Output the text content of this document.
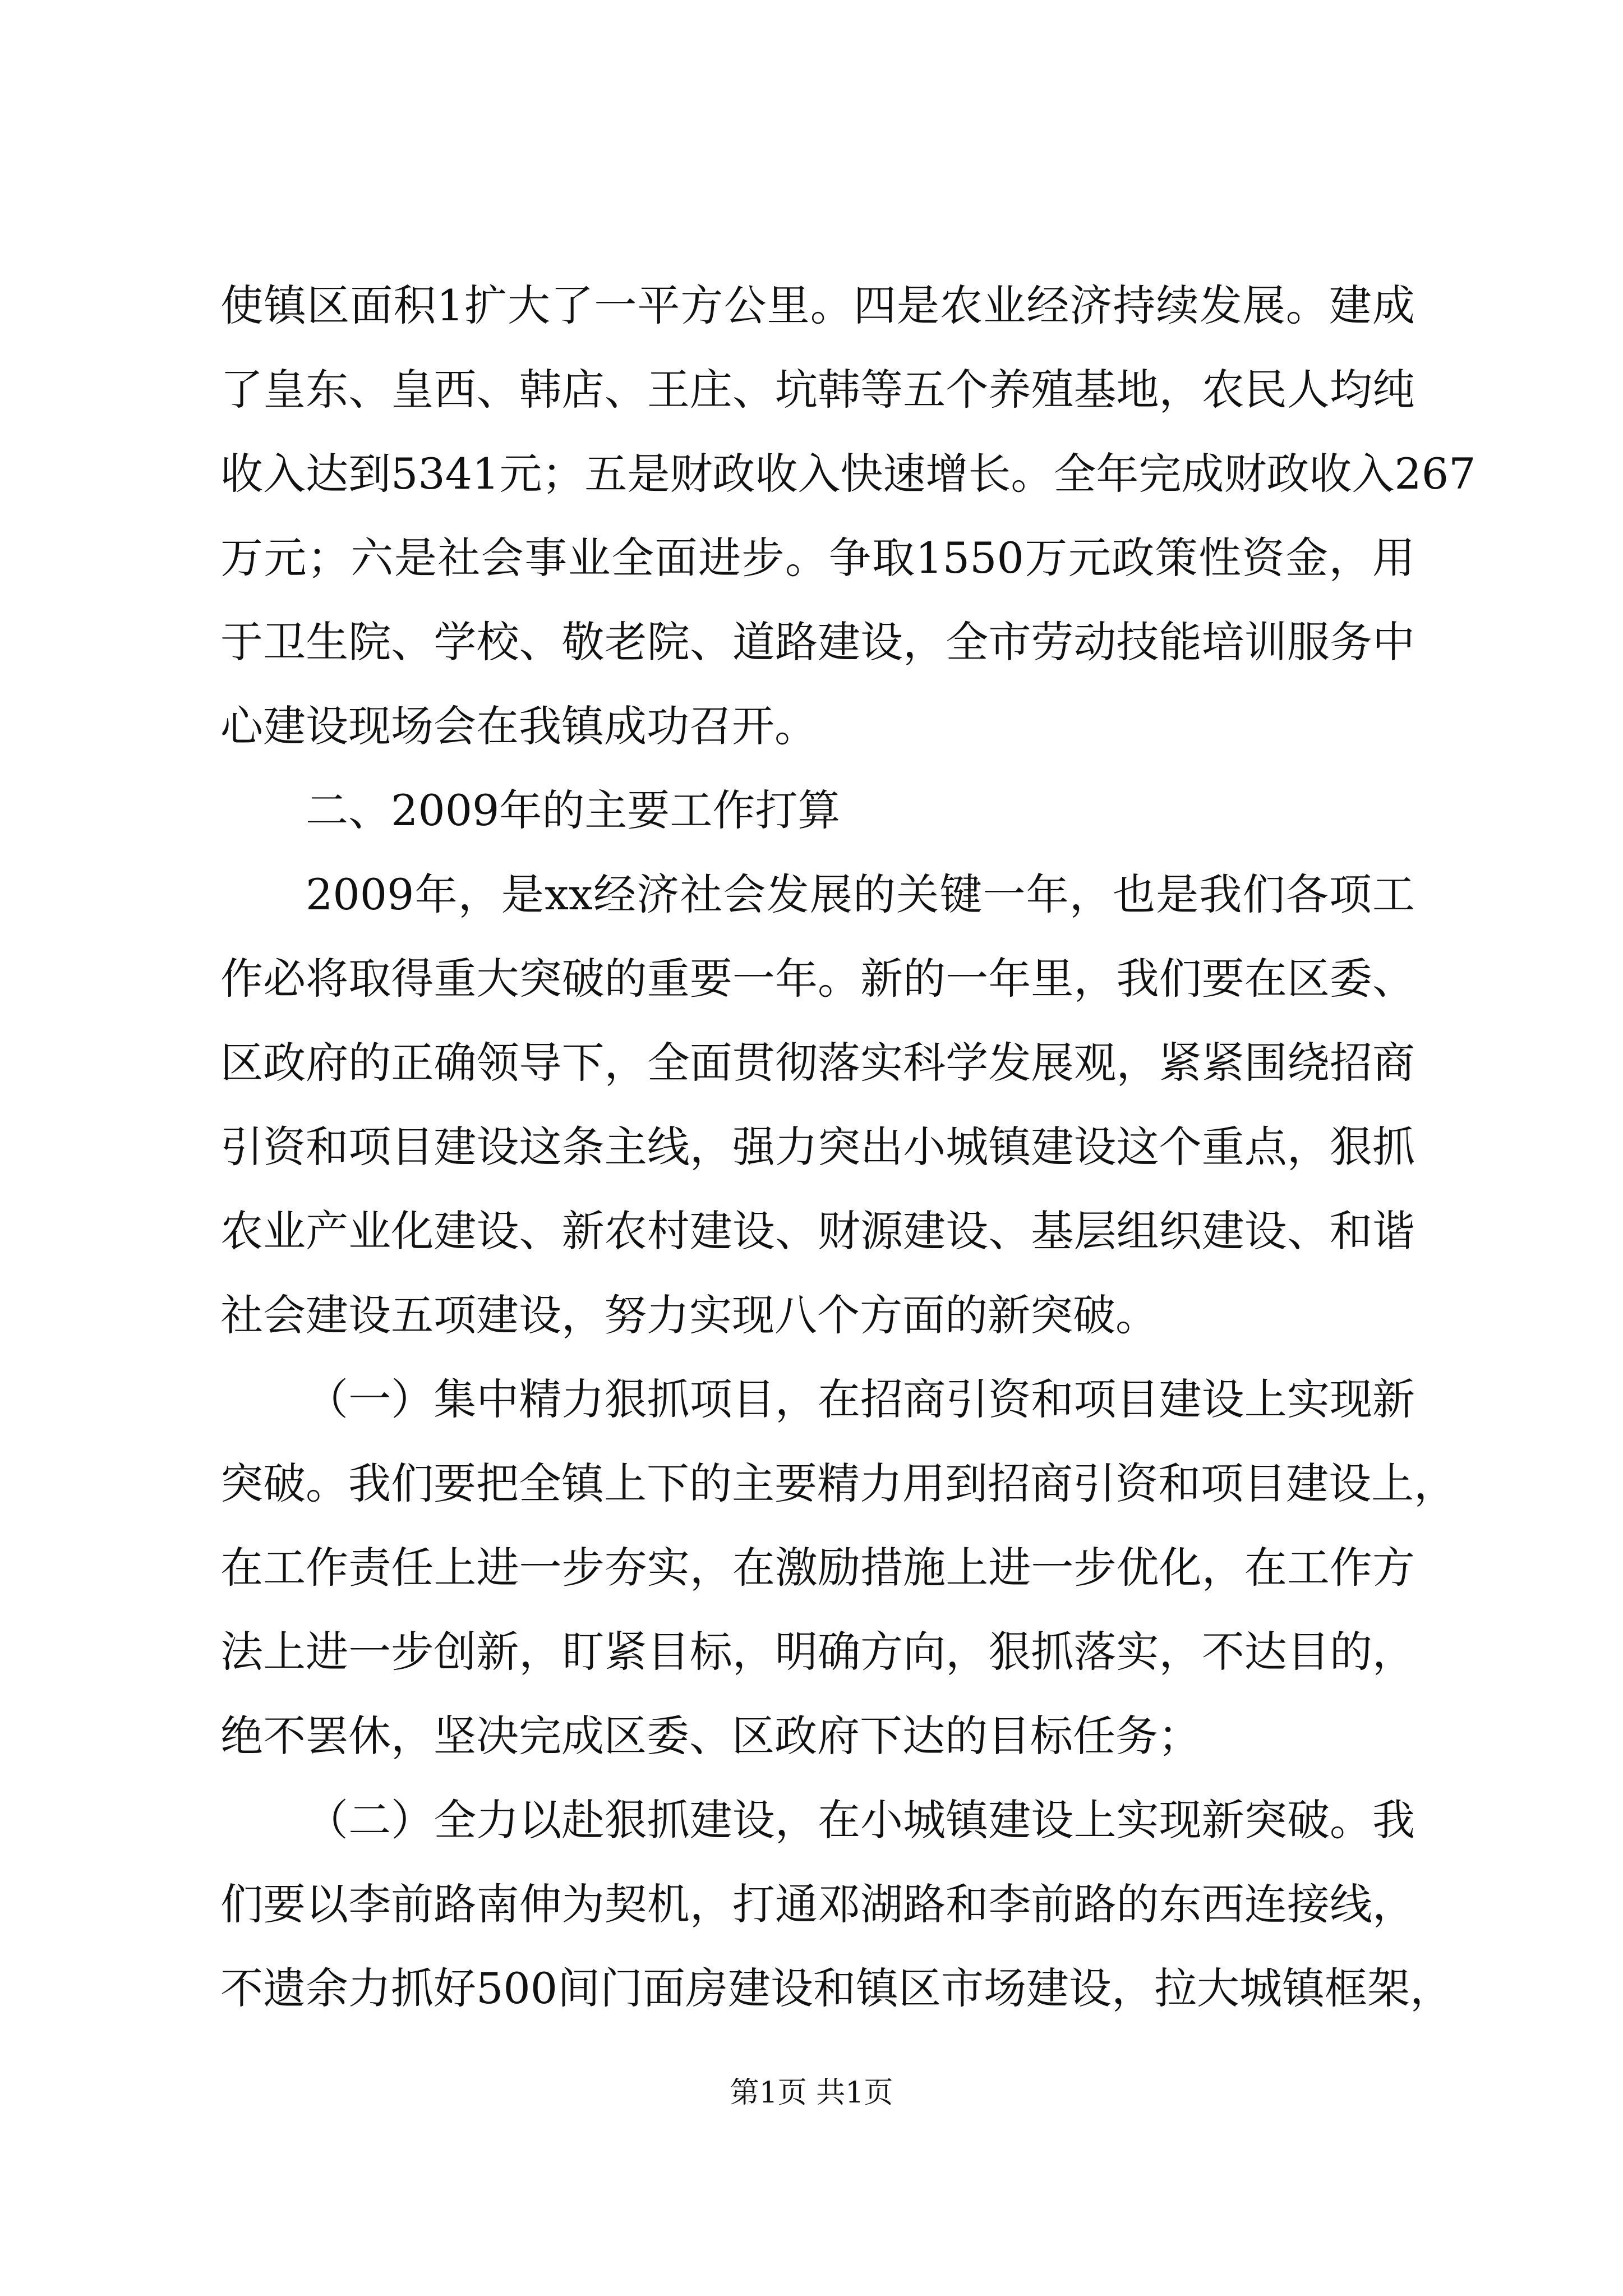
使镇区面积1扩大了一平方公里。四是农业经济持续发展。建成
了皇东、皇西、韩店、王庄、坑韩等五个养殖基地，农民人均纯
收入达到5341元；五是财政收入快速增长。全年完成财政收入267
万元；六是社会事业全面进步。争取1550万元政策性资金，用
于卫生院、学校、敬老院、道路建设，全市劳动技能培训服务中
心建设现场会在我镇成功召开。
二、2009年的主要工作打算
2009年，是xx经济社会发展的关键一年，也是我们各项工
作必将取得重大突破的重要一年。新的一年里，我们要在区委、
区政府的正确领导下，全面贯彻落实科学发展观，紧紧围绕招商
引资和项目建设这条主线，强力突出小城镇建设这个重点，狠抓
农业产业化建设、新农村建设、财源建设、基层组织建设、和谐
社会建设五项建设，努力实现八个方面的新突破。
（一）集中精力狠抓项目，在招商引资和项目建设上实现新
突破。我们要把全镇上下的主要精力用到招商引资和项目建设上，
在工作责任上进一步夯实，在激励措施上进一步优化，在工作方
法上进一步创新，盯紧目标，明确方向，狠抓落实，不达目的，
绝不罢休，坚决完成区委、区政府下达的目标任务；
（二）全力以赴狠抓建设，在小城镇建设上实现新突破。我
们要以李前路南伸为契机，打通邓湖路和李前路的东西连接线，
不遗余力抓好500间门面房建设和镇区市场建设，拉大城镇框架，
第1页 共1页
